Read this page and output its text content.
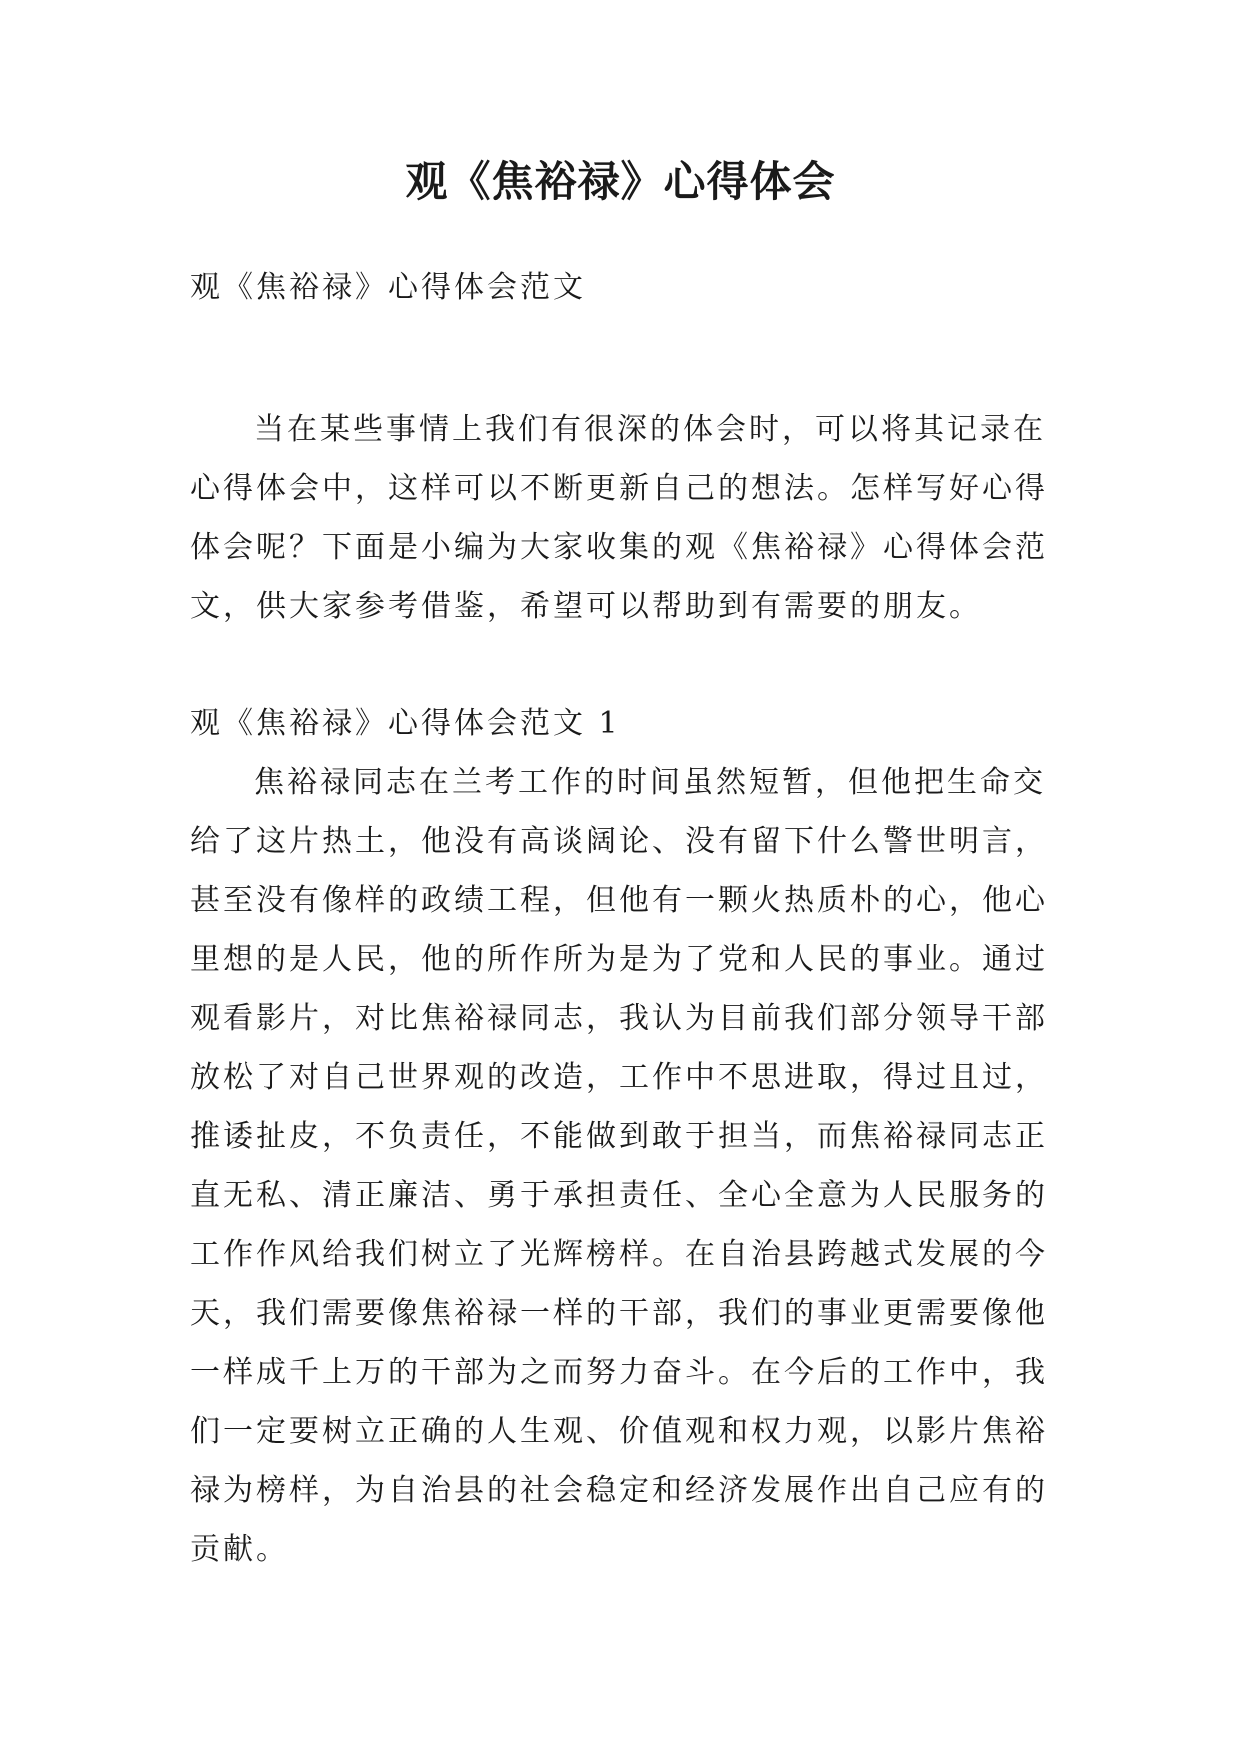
观《焦裕禄》心得体会

观《焦裕禄》心得体会范文

当在某些事情上我们有很深的体会时，可以将其记录在心得体会中，这样可以不断更新自己的想法。怎样写好心得体会呢？下面是小编为大家收集的观《焦裕禄》心得体会范文，供大家参考借鉴，希望可以帮助到有需要的朋友。

观《焦裕禄》心得体会范文 1

焦裕禄同志在兰考工作的时间虽然短暂，但他把生命交给了这片热土，他没有高谈阔论、没有留下什么警世明言，甚至没有像样的政绩工程，但他有一颗火热质朴的心，他心里想的是人民，他的所作所为是为了党和人民的事业。通过观看影片，对比焦裕禄同志，我认为目前我们部分领导干部放松了对自己世界观的改造，工作中不思进取，得过且过，推诿扯皮，不负责任，不能做到敢于担当，而焦裕禄同志正直无私、清正廉洁、勇于承担责任、全心全意为人民服务的工作作风给我们树立了光辉榜样。在自治县跨越式发展的今天，我们需要像焦裕禄一样的干部，我们的事业更需要像他一样成千上万的干部为之而努力奋斗。在今后的工作中，我们一定要树立正确的人生观、价值观和权力观，以影片焦裕禄为榜样，为自治县的社会稳定和经济发展作出自己应有的贡献。
